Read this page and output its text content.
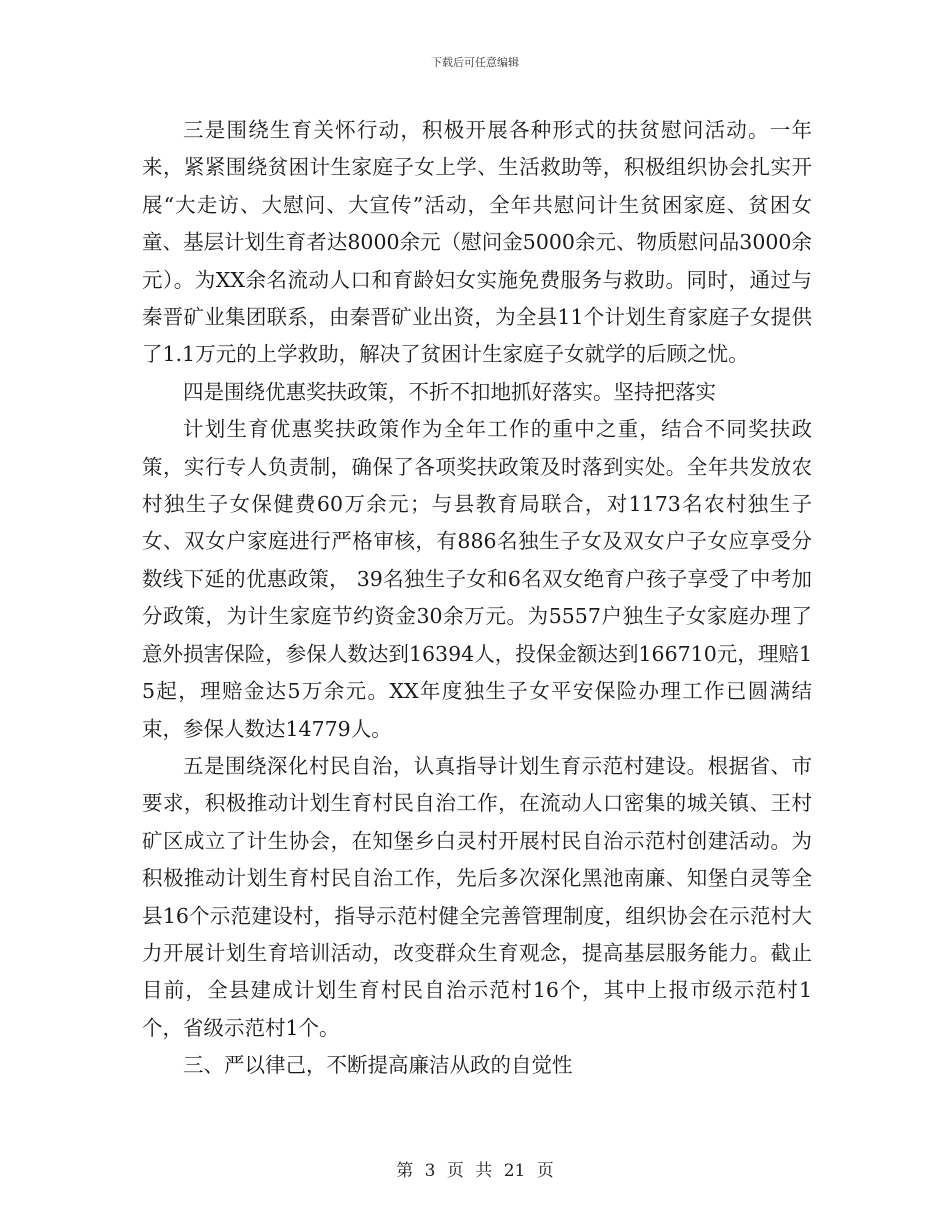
下载后可任意编辑

三是围绕生育关怀行动，积极开展各种形式的扶贫慰问活动。一年来，紧紧围绕贫困计生家庭子女上学、生活救助等，积极组织协会扎实开展“大走访、大慰问、大宣传”活动，全年共慰问计生贫困家庭、贫困女童、基层计划生育者达8000余元（慰问金5000余元、物质慰问品3000余元）。为XX余名流动人口和育龄妇女实施免费服务与救助。同时，通过与秦晋矿业集团联系，由秦晋矿业出资，为全县11个计划生育家庭子女提供了1.1万元的上学救助，解决了贫困计生家庭子女就学的后顾之忧。

四是围绕优惠奖扶政策，不折不扣地抓好落实。坚持把落实

计划生育优惠奖扶政策作为全年工作的重中之重，结合不同奖扶政策，实行专人负责制，确保了各项奖扶政策及时落到实处。全年共发放农村独生子女保健费60万余元；与县教育局联合，对1173名农村独生子女、双女户家庭进行严格审核，有886名独生子女及双女户子女应享受分数线下延的优惠政策， 39名独生子女和6名双女绝育户孩子享受了中考加分政策，为计生家庭节约资金30余万元。为5557户独生子女家庭办理了意外损害保险，参保人数达到16394人，投保金额达到166710元，理赔15起，理赔金达5万余元。XX年度独生子女平安保险办理工作已圆满结束，参保人数达14779人。

五是围绕深化村民自治，认真指导计划生育示范村建设。根据省、市要求，积极推动计划生育村民自治工作，在流动人口密集的城关镇、王村矿区成立了计生协会，在知堡乡白灵村开展村民自治示范村创建活动。为积极推动计划生育村民自治工作，先后多次深化黑池南廉、知堡白灵等全县16个示范建设村，指导示范村健全完善管理制度，组织协会在示范村大力开展计划生育培训活动，改变群众生育观念，提高基层服务能力。截止目前，全县建成计划生育村民自治示范村16个，其中上报市级示范村1个，省级示范村1个。

三、严以律己，不断提高廉洁从政的自觉性

第 3 页 共 21 页
